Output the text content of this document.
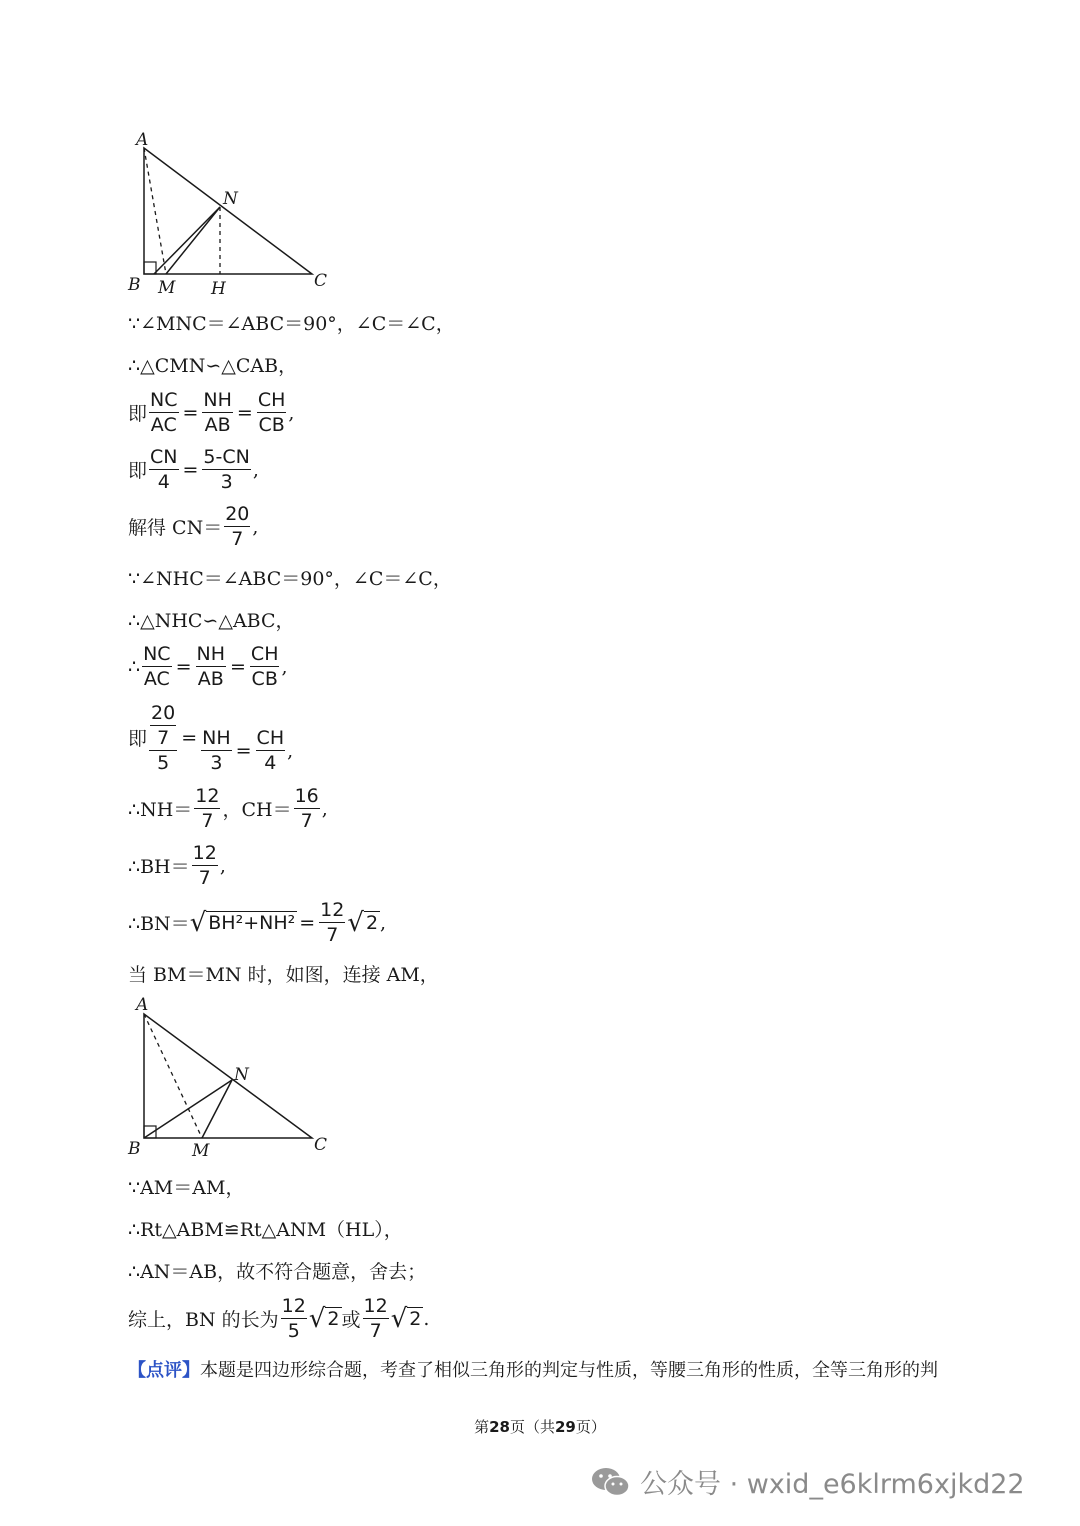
A
B	C
N
M H
∵∠MNC＝∠ABC＝90°，∠C＝∠C，
∴△CMN∽△CAB，
即 $\frac{NC}{AC} = \frac{NH}{AB} = \frac{CH}{CB}$ ,
即 $\frac{CN}{4} = \frac{5-CN}{3}$ ,
解得 $CN= \frac{20}{7}$ ,
∵∠NHC＝∠ABC＝90°，∠C＝∠C，
∴△NHC∽△ABC，
∴ $\frac{NC}{AC} = \frac{NH}{AB} = \frac{CH}{CB}$ ,
即 $\frac{\frac{20}{7}}{5} = \frac{NH}{3} = \frac{CH}{4}$ ,
∴NH＝ $\frac{12}{7}$ ，$CH= \frac{16}{7}$ ,
∴BH＝ $\frac{12}{7}$ ,
∴BN＝ √ $BH^2+NH^2 = \frac{12}{7}$ √ 2 ,
当 BM＝MN 时，如图，连接 AM，
A
B	C
N
M
∵AM＝AM，
∴Rt△ABM≌Rt△ANM（HL），
∴AN＝AB，故不符合题意，舍去；
综上，BN 的长为 $\frac{12}{5}$ √ 2 或 $\frac{12}{7}$ √ 2 .
【点评】 本题是四边形综合题，考查了相似三角形的判定与性质，等腰三角形的性质，全等三角形的判
第28页（共29页）
公众号 · wxid_e6klrm6xjkd22
